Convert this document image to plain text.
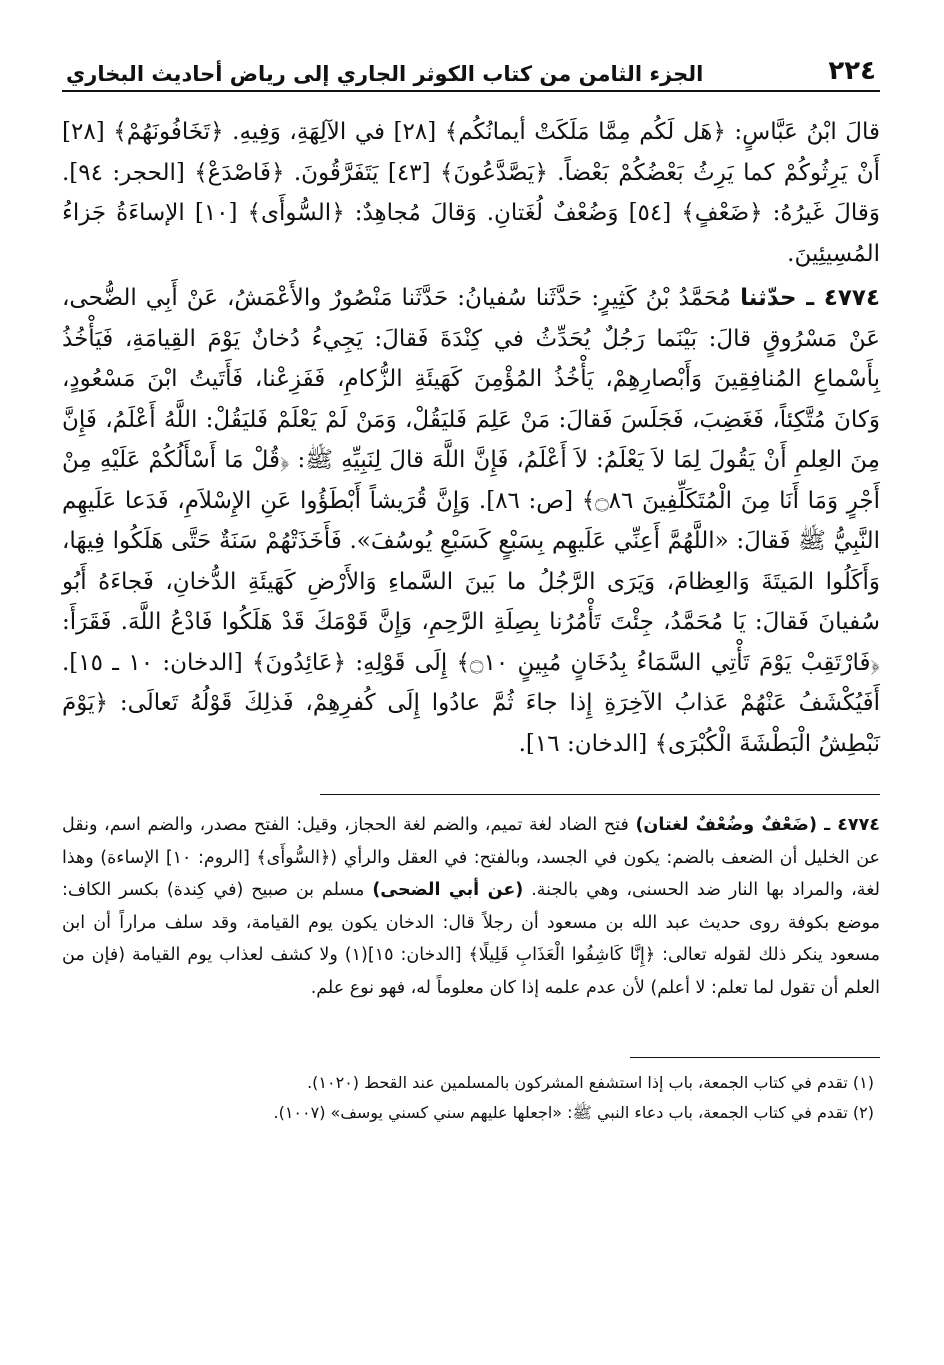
٢٢٤
الجزء الثامن من كتاب الكوثر الجاري إلى رياض أحاديث البخاري

قالَ ابْنُ عَبَّاسٍ: ﴿هَل لَكُم مِمَّا مَلَكَتْ أيمانُكُم﴾ [٢٨] في الآلِهَةِ، وَفِيهِ. ﴿تَخَافُونَهُمْ﴾ [٢٨] أَنْ يَرِثُوكُمْ كما يَرِثُ بَعْضُكُمْ بَعْضاً. ﴿يَصَّدَّعُونَ﴾ [٤٣] يَتَفَرَّقُونَ. ﴿فَاصْدَعْ﴾ [الحجر: ٩٤]. وَقالَ غَيرُهُ: ﴿ضَعْفٍ﴾ [٥٤] وَضُعْفٌ لُغَتانِ. وَقالَ مُجاهِدٌ: ﴿السُّوأَى﴾ [١٠] الإساءَةُ جَزاءُ المُسِيئِينَ.

٤٧٧٤ ـ حدّثنا مُحَمَّدُ بْنُ كَثِيرٍ: حَدَّثَنا سُفيانُ: حَدَّثَنا مَنْصُورٌ والأَعْمَشُ، عَنْ أَبِي الضُّحى، عَنْ مَسْرُوقٍ قالَ: بَيْنَما رَجُلٌ يُحَدِّثُ في كِنْدَةَ فَقالَ: يَجِيءُ دُخانٌ يَوْمَ القِيامَةِ، فَيَأْخُذُ بِأَسْماعِ المُنافِقِينَ وَأَبْصارِهِمْ، يَأْخُذُ المُؤْمِنَ كَهَيئَةِ الزُّكامِ، فَفَزِعْنا، فَأَتَيتُ ابْنَ مَسْعُودٍ، وَكانَ مُتَّكِئاً، فَغَضِبَ، فَجَلَسَ فَقالَ: مَنْ عَلِمَ فَليَقُلْ، وَمَنْ لَمْ يَعْلَمْ فَليَقُلْ: اللَّهُ أَعْلَمُ، فَإِنَّ مِنَ العِلمِ أَنْ يَقُولَ لِمَا لاَ يَعْلَمُ: لاَ أَعْلَمُ، فَإِنَّ اللَّهَ قالَ لِنَبِيِّهِ ﷺ: ﴿قُلْ مَا أَسْأَلُكُمْ عَلَيْهِ مِنْ أَجْرٍ وَمَا أَنَا مِنَ الْمُتَكَلِّفِينَ ۝٨٦﴾ [ص: ٨٦]. وَإِنَّ قُرَيشاً أَبْطَؤُوا عَنِ الإِسْلاَمِ، فَدَعا عَلَيهِم النَّبِيُّ ﷺ فَقالَ: «اللَّهُمَّ أَعِنِّي عَلَيهِم بِسَبْعٍ كَسَبْعِ يُوسُفَ». فَأَخَذَتْهُمْ سَنَةٌ حَتَّى هَلَكُوا فِيهَا، وَأَكَلُوا المَيتَةَ وَالعِظامَ، وَيَرَى الرَّجُلُ ما بَينَ السَّماءِ وَالأَرْضِ كَهَيئَةِ الدُّخانِ، فَجاءَهُ أَبُو سُفيانَ فَقالَ: يَا مُحَمَّدُ، جِئْتَ تَأْمُرُنا بِصِلَةِ الرَّحِمِ، وَإِنَّ قَوْمَكَ قَدْ هَلَكُوا فَادْعُ اللَّهَ. فَقَرَأَ: ﴿فَارْتَقِبْ يَوْمَ تَأْتِي السَّمَاءُ بِدُخَانٍ مُبِينٍ ۝١٠﴾ إِلَى قَوْلِهِ: ﴿عَائِدُونَ﴾ [الدخان: ١٠ ـ ١٥]. أَفَيُكْشَفُ عَنْهُمْ عَذابُ الآخِرَةِ إِذا جاءَ ثُمَّ عادُوا إِلَى كُفرِهِمْ، فَذلِكَ قَوْلُهُ تَعالَى: ﴿يَوْمَ نَبْطِشُ الْبَطْشَةَ الْكُبْرَى﴾ [الدخان: ١٦].

٤٧٧٤ ـ (ضَعْفٌ وضُعْفٌ لغتان) فتح الضاد لغة تميم، والضم لغة الحجاز، وقيل: الفتح مصدر، والضم اسم، ونقل عن الخليل أن الضعف بالضم: يكون في الجسد، وبالفتح: في العقل والرأي (﴿السُّوأَى﴾ [الروم: ١٠] الإساءة) وهذا لغة، والمراد بها النار ضد الحسنى، وهي بالجنة. (عن أبي الضحى) مسلم بن صبيح (في كِندة) بكسر الكاف: موضع بكوفة روى حديث عبد الله بن مسعود أن رجلاً قال: الدخان يكون يوم القيامة، وقد سلف مراراً أن ابن مسعود ينكر ذلك لقوله تعالى: ﴿إِنَّا كَاشِفُوا الْعَذَابِ قَلِيلًا﴾ [الدخان: ١٥](١) ولا كشف لعذاب يوم القيامة (فإن من العلم أن تقول لما تعلم: لا أعلم) لأن عدم علمه إذا كان معلوماً له، فهو نوع علم.

(١) تقدم في كتاب الجمعة، باب إذا استشفع المشركون بالمسلمين عند القحط (١٠٢٠).

(٢) تقدم في كتاب الجمعة، باب دعاء النبي ﷺ: «اجعلها عليهم سني كسني يوسف» (١٠٠٧).
